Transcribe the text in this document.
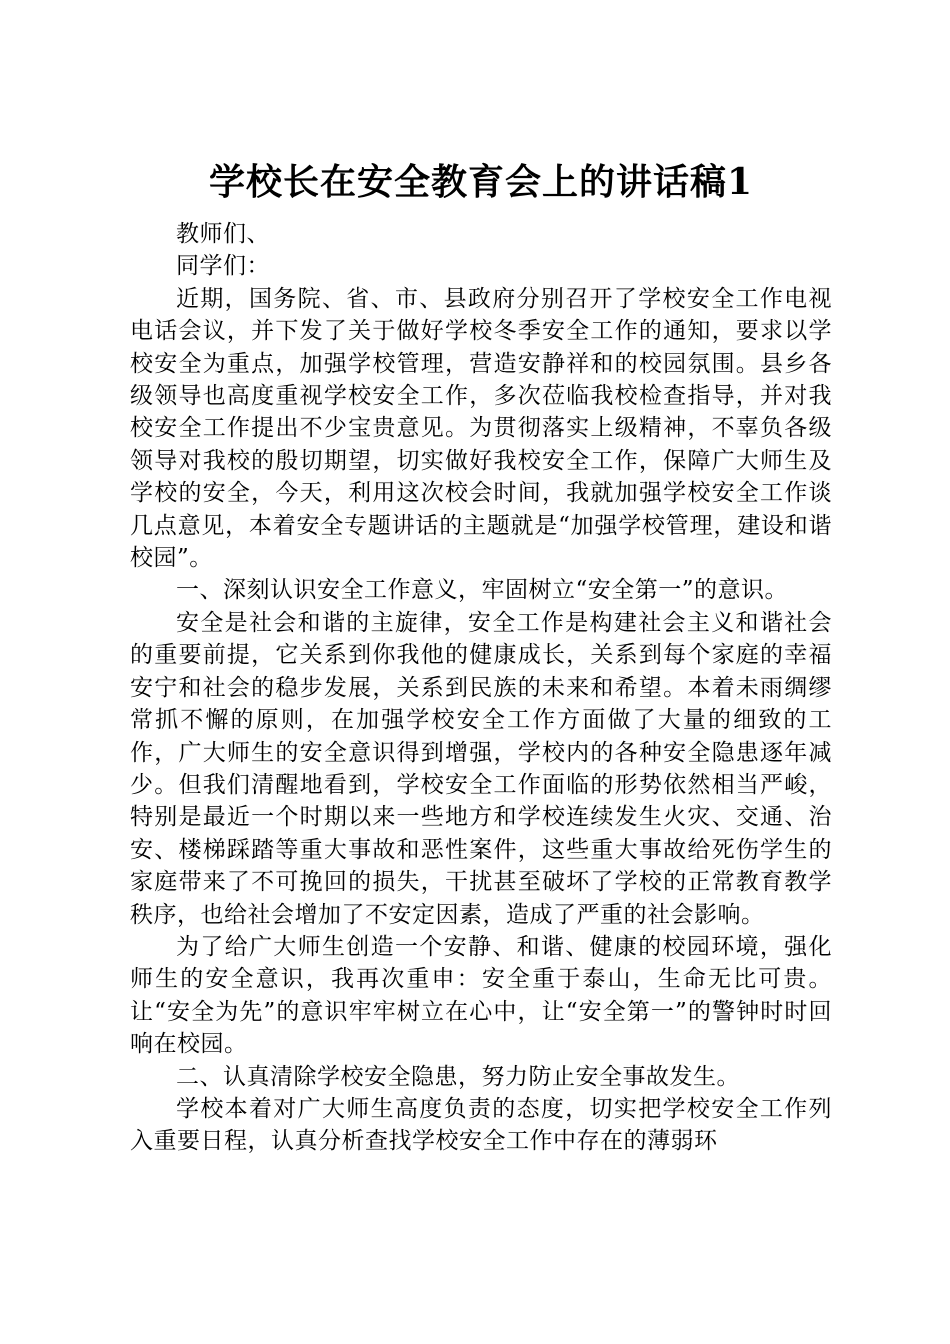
学校长在安全教育会上的讲话稿1

教师们、

同学们：

近期，国务院、省、市、县政府分别召开了学校安全工作电视电话会议，并下发了关于做好学校冬季安全工作的通知，要求以学校安全为重点，加强学校管理，营造安静祥和的校园氛围。县乡各级领导也高度重视学校安全工作，多次莅临我校检查指导，并对我校安全工作提出不少宝贵意见。为贯彻落实上级精神，不辜负各级领导对我校的殷切期望，切实做好我校安全工作，保障广大师生及学校的安全，今天，利用这次校会时间，我就加强学校安全工作谈几点意见，本着安全专题讲话的主题就是“加强学校管理，建设和谐校园”。

一、深刻认识安全工作意义，牢固树立“安全第一”的意识。

安全是社会和谐的主旋律，安全工作是构建社会主义和谐社会的重要前提，它关系到你我他的健康成长，关系到每个家庭的幸福安宁和社会的稳步发展，关系到民族的未来和希望。本着未雨绸缪常抓不懈的原则，在加强学校安全工作方面做了大量的细致的工作，广大师生的安全意识得到增强，学校内的各种安全隐患逐年减少。但我们清醒地看到，学校安全工作面临的形势依然相当严峻，特别是最近一个时期以来一些地方和学校连续发生火灾、交通、治安、楼梯踩踏等重大事故和恶性案件，这些重大事故给死伤学生的家庭带来了不可挽回的损失，干扰甚至破坏了学校的正常教育教学秩序，也给社会增加了不安定因素，造成了严重的社会影响。

为了给广大师生创造一个安静、和谐、健康的校园环境，强化师生的安全意识，我再次重申：安全重于泰山，生命无比可贵。让“安全为先”的意识牢牢树立在心中，让“安全第一”的警钟时时回响在校园。

二、认真清除学校安全隐患，努力防止安全事故发生。

学校本着对广大师生高度负责的态度，切实把学校安全工作列入重要日程，认真分析查找学校安全工作中存在的薄弱环
